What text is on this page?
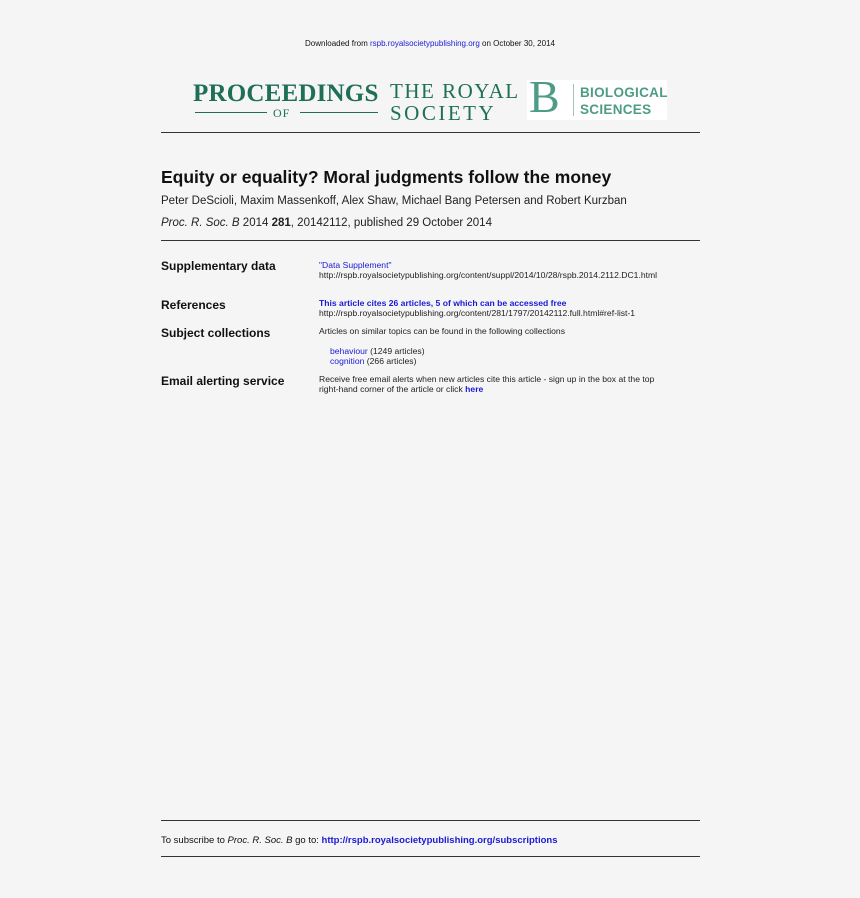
Downloaded from rspb.royalsocietypublishing.org on October 30, 2014
PROCEEDINGS
OF
THE ROYAL
SOCIETY B BIOLOGICAL
SCIENCES
Equity or equality? Moral judgments follow the money
Peter DeScioli, Maxim Massenkoff, Alex Shaw, Michael Bang Petersen and Robert Kurzban
Proc. R. Soc. B 2014 281, 20142112, published 29 October 2014
Supplementary data	"Data Supplement"
http://rspb.royalsocietypublishing.org/content/suppl/2014/10/28/rspb.2014.2112.DC1.html
References	This article cites 26 articles, 5 of which can be accessed free
http://rspb.royalsocietypublishing.org/content/281/1797/20142112.full.html#ref-list-1
Subject collections	Articles on similar topics can be found in the following collections
behaviour (1249 articles)
cognition (266 articles)
Email alerting service	Receive free email alerts when new articles cite this article - sign up in the box at the top
right-hand corner of the article or click here
To subscribe to Proc. R. Soc. B go to: http://rspb.royalsocietypublishing.org/subscriptions
